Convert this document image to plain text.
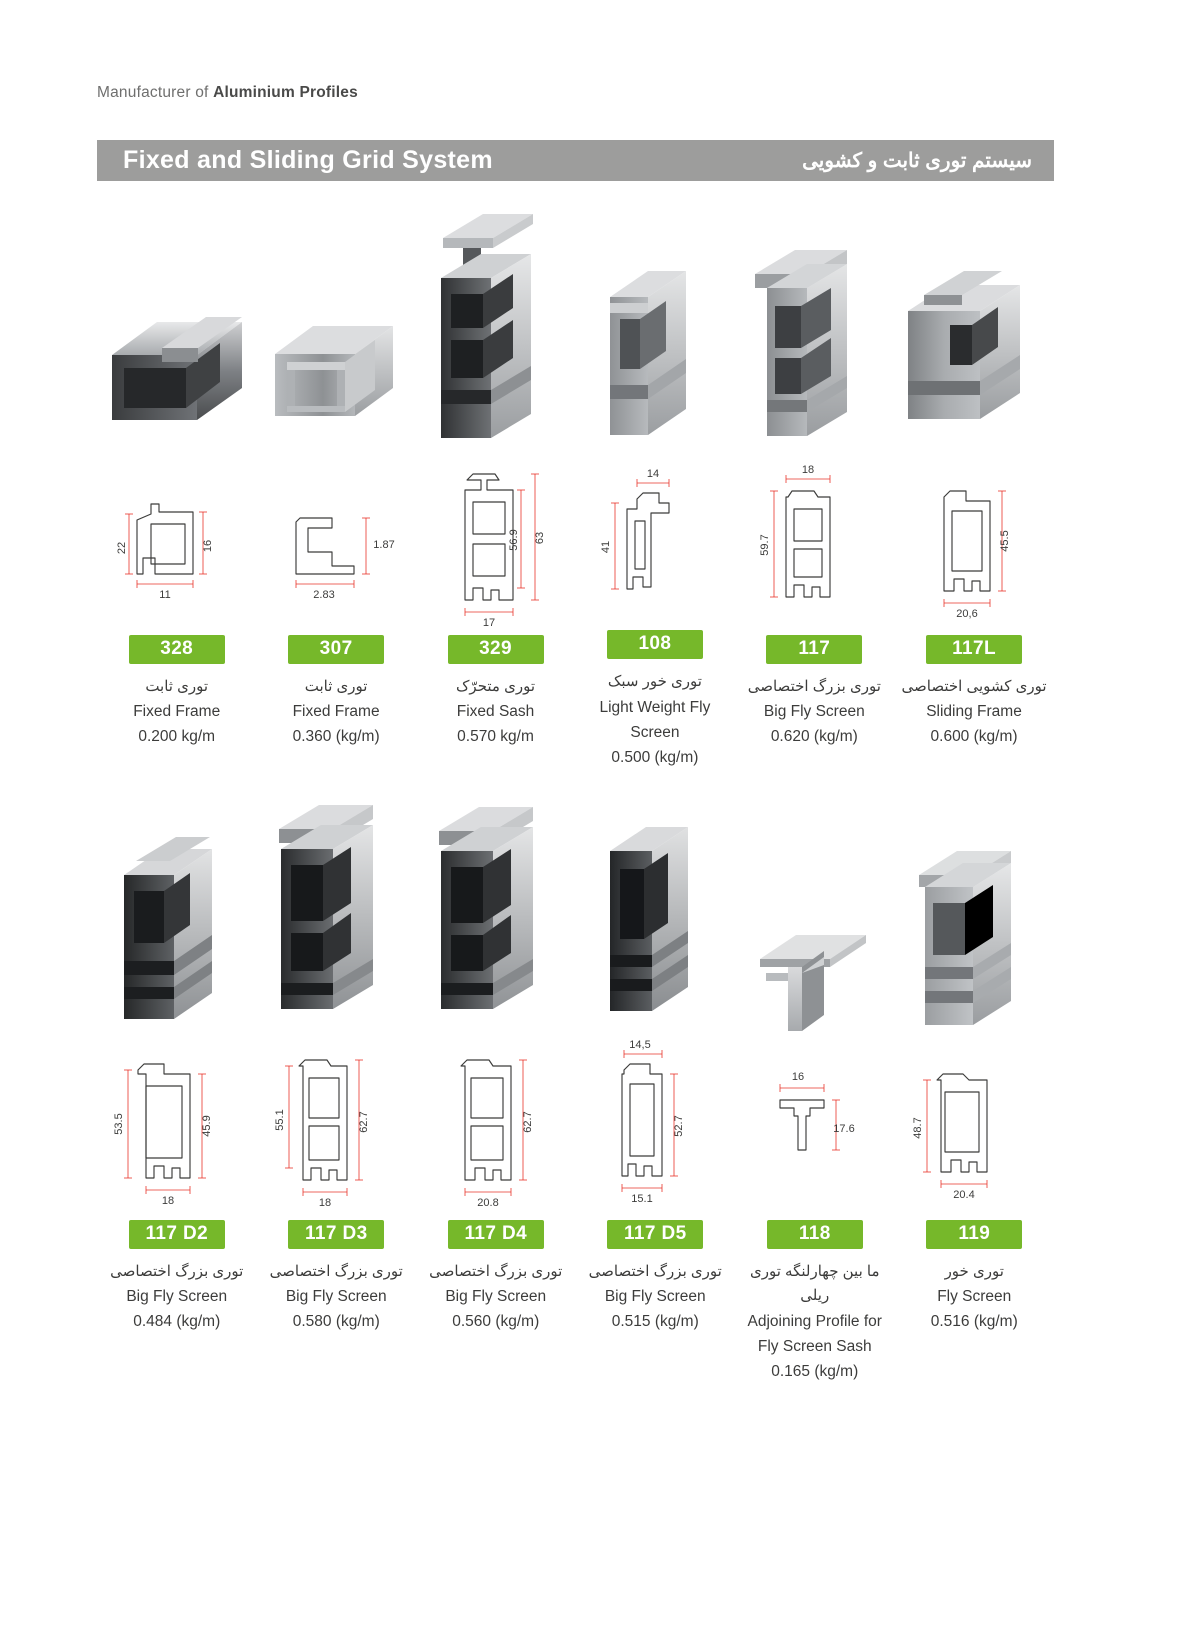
Manufacturer of Aluminium Profiles
Fixed and Sliding Grid System	سیستم توری ثابت و کشویی
22	16
11
328
توری ثابت
Fixed Frame
0.200 kg/m
1.87
2.83
307
توری ثابت
Fixed Frame
0.360 (kg/m)
56.9 63
17
329
توری متحرّک
Fixed Sash
0.570 kg/m
14
41
108
توری خور سبک
Light Weight Fly Screen
0.500 (kg/m)
18
59.7
117
توری بزرگ اختصاصی
Big Fly Screen
0.620 (kg/m)
45.5
20,6
117L
توری کشویی اختصاصی
Sliding Frame
0.600 (kg/m)
53.5	45.9
18
117 D2
توری بزرگ اختصاصی
Big Fly Screen
0.484 (kg/m)
55.1	62.7
18
117 D3
توری بزرگ اختصاصی
Big Fly Screen
0.580 (kg/m)
62.7
20.8
117 D4
توری بزرگ اختصاصی
Big Fly Screen
0.560 (kg/m)
14,5
52.7
15.1
117 D5
توری بزرگ اختصاصی
Big Fly Screen
0.515 (kg/m)
16
17.6
118
ما بین چهارلنگه توری ریلی
Adjoining Profile for
Fly Screen Sash
0.165 (kg/m)
48.7
20.4
119
توری خور
Fly Screen
0.516 (kg/m)
